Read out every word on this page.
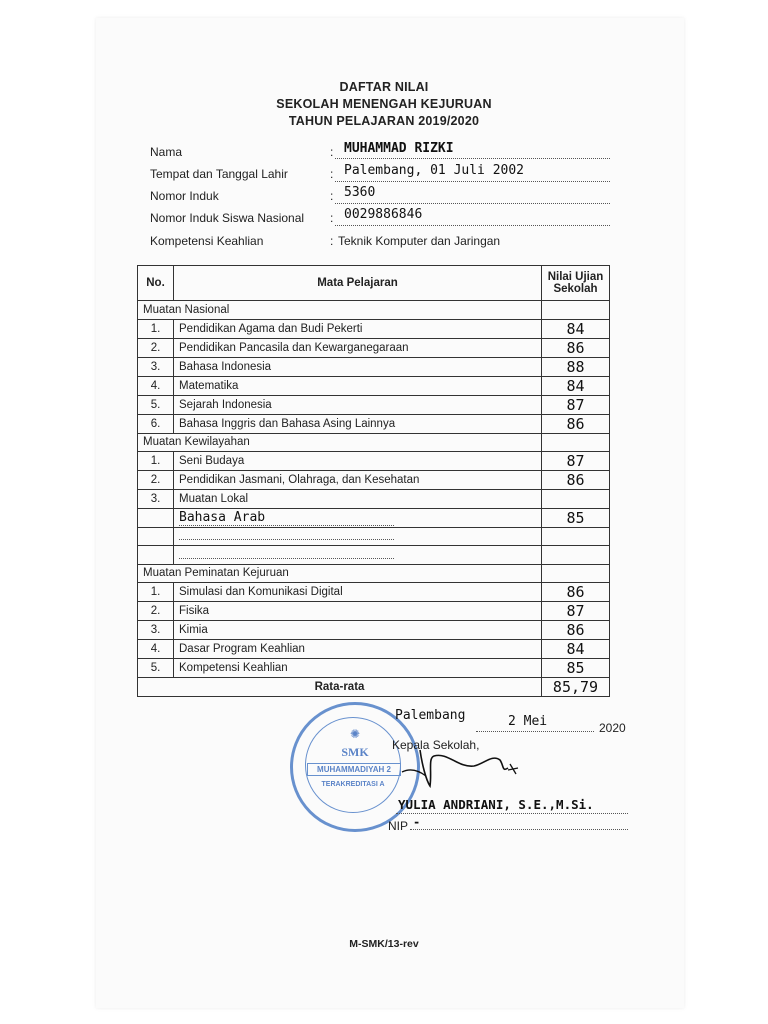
DAFTAR NILAI
SEKOLAH MENENGAH KEJURUAN
TAHUN PELAJARAN 2019/2020
Nama	: MUHAMMAD RIZKI
Tempat dan Tanggal Lahir	: Palembang, 01 Juli 2002
Nomor Induk	: 5360
Nomor Induk Siswa Nasional : 0029886846
Kompetensi Keahlian	: Teknik Komputer dan Jaringan
No.	Mata Pelajaran	Nilai Ujian
Sekolah

Muatan Nasional		
1.	Pendidikan Agama dan Budi Pekerti	84
2.	Pendidikan Pancasila dan Kewarganegaraan	86
3.	Bahasa Indonesia	88
4.	Matematika	84
5.	Sejarah Indonesia	87
6.	Bahasa Inggris dan Bahasa Asing Lainnya	86
Muatan Kewilayahan		
1.	Seni Budaya	87
2.	Pendidikan Jasmani, Olahraga, dan Kesehatan	86
3.	Muatan Lokal	
	Bahasa Arab	85

Muatan Peminatan Kejuruan		
1.	Simulasi dan Komunikasi Digital	86
2.	Fisika	87
3.	Kimia	86
4.	Dasar Program Keahlian	84
5.	Kompetensi Keahlian	85
Rata-rata		85,79
✺
SMK
MUHAMMADIYAH 2
TERAKREDITASI A
Palembang	2 Mei	2020
Kepala Sekolah,
YULIA ANDRIANI, S.E.,M.Si.
NIP -
M-SMK/13-rev
